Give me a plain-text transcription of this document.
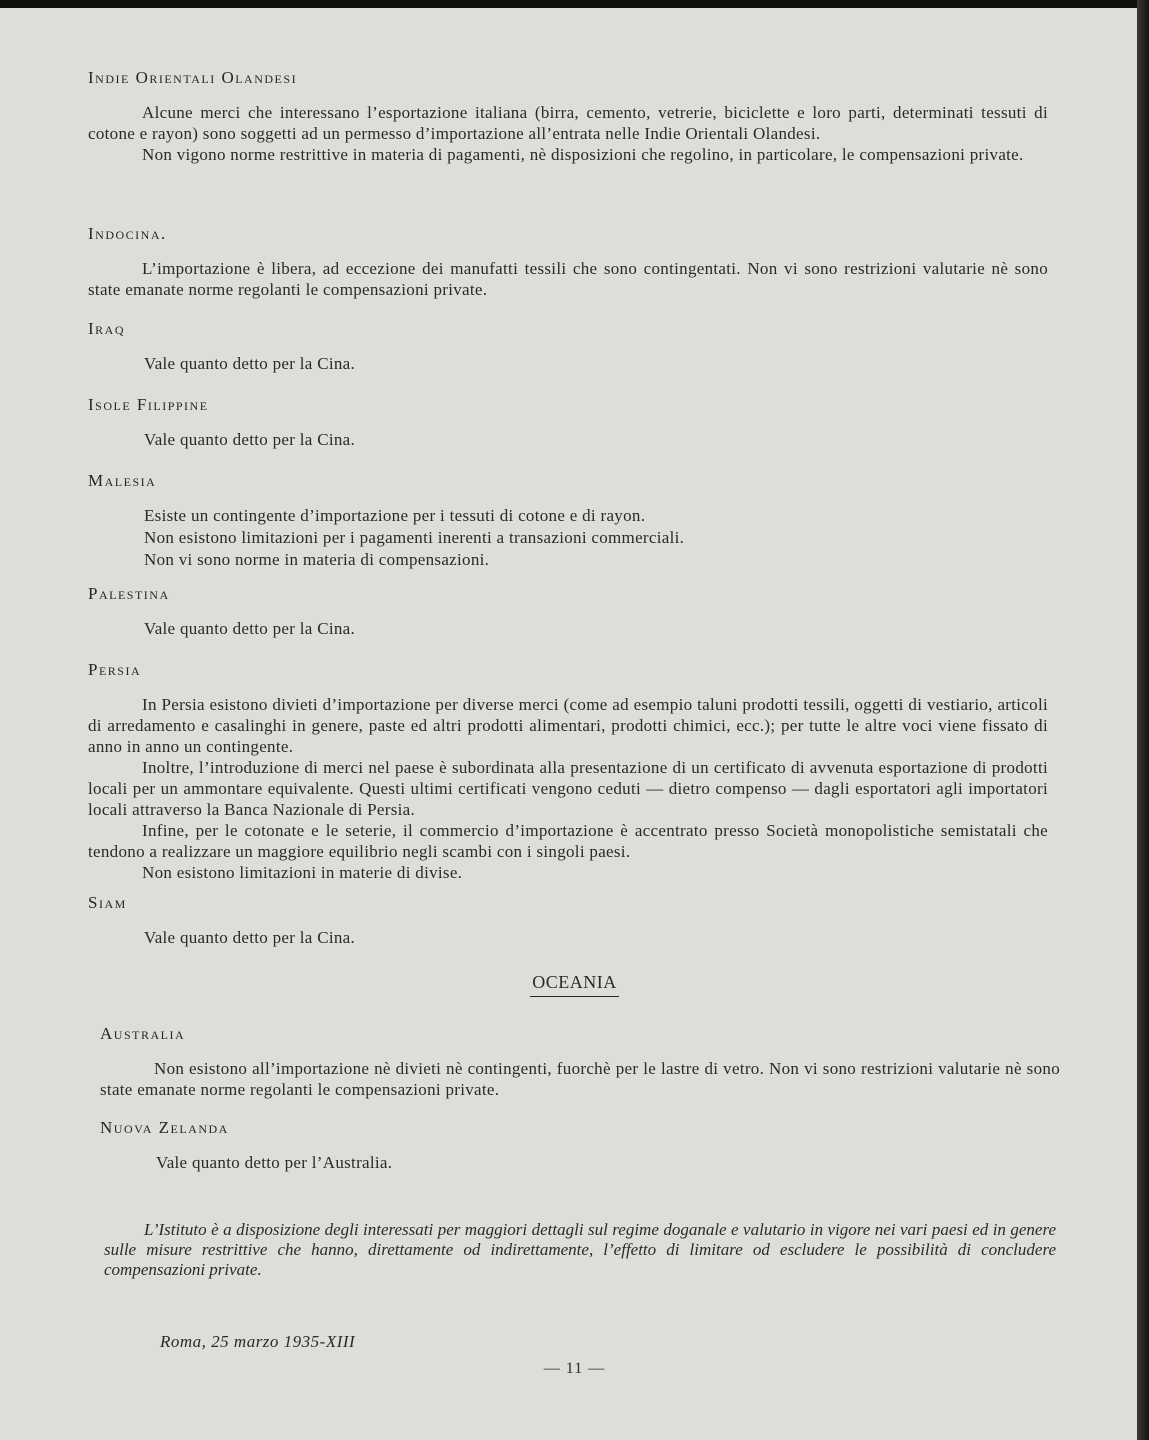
Indie Orientali Olandesi

Alcune merci che interessano l’esportazione italiana (birra, cemento, vetrerie, biciclette e loro parti, determinati tessuti di cotone e rayon) sono soggetti ad un permesso d’importazione all’entrata nelle Indie Orientali Olandesi.

Non vigono norme restrittive in materia di pagamenti, nè disposizioni che regolino, in particolare, le compensazioni private.

Indocina.

L’importazione è libera, ad eccezione dei manufatti tessili che sono contingentati. Non vi sono restrizioni valutarie nè sono state emanate norme regolanti le compensazioni private.

Iraq

Vale quanto detto per la Cina.

Isole Filippine

Vale quanto detto per la Cina.

Malesia

Esiste un contingente d’importazione per i tessuti di cotone e di rayon.

Non esistono limitazioni per i pagamenti inerenti a transazioni commerciali.

Non vi sono norme in materia di compensazioni.

Palestina

Vale quanto detto per la Cina.

Persia

In Persia esistono divieti d’importazione per diverse merci (come ad esempio taluni prodotti tessili, oggetti di vestiario, articoli di arredamento e casalinghi in genere, paste ed altri prodotti alimentari, prodotti chimici, ecc.); per tutte le altre voci viene fissato di anno in anno un contingente.

Inoltre, l’introduzione di merci nel paese è subordinata alla presentazione di un certificato di avvenuta esportazione di prodotti locali per un ammontare equivalente. Questi ultimi certificati vengono ceduti — dietro compenso — dagli esportatori agli importatori locali attraverso la Banca Nazionale di Persia.

Infine, per le cotonate e le seterie, il commercio d’importazione è accentrato presso Società monopolistiche semistatali che tendono a realizzare un maggiore equilibrio negli scambi con i singoli paesi.

Non esistono limitazioni in materie di divise.

Siam

Vale quanto detto per la Cina.

OCEANIA
Australia

Non esistono all’importazione nè divieti nè contingenti, fuorchè per le lastre di vetro. Non vi sono restrizioni valutarie nè sono state emanate norme regolanti le compensazioni private.

Nuova Zelanda

Vale quanto detto per l’Australia.

L’Istituto è a disposizione degli interessati per maggiori dettagli sul regime doganale e valutario in vigore nei vari paesi ed in genere sulle misure restrittive che hanno, direttamente od indirettamente, l’effetto di limitare od escludere le possibilità di concludere compensazioni private.
Roma, 25 marzo 1935-XIII
— 11 —
